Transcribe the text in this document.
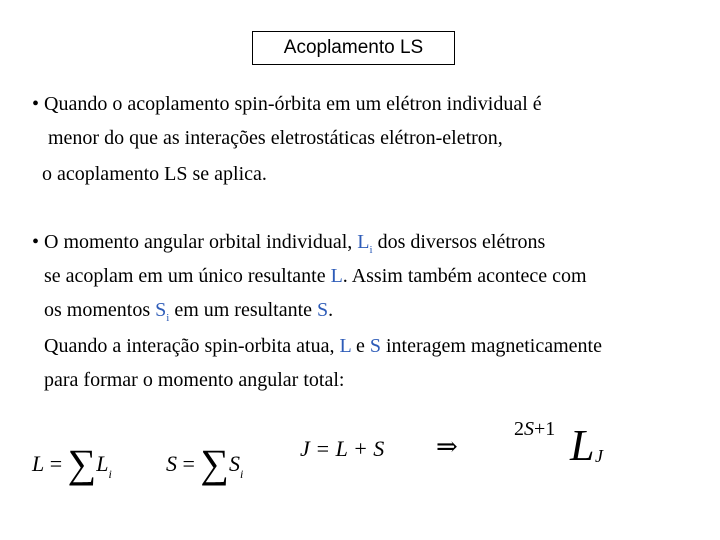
Acoplamento LS
• Quando o acoplamento spin-órbita em um elétron individual é
menor do que as interações eletrostáticas elétron-eletron,
o acoplamento LS se aplica.
• O momento angular orbital individual, $L_i$ dos diversos elétrons
se acoplam em um único resultante L. Assim também acontece com
os momentos $S_i$ em um resultante S.
Quando a interação spin-orbita atua, L e S interagem magneticamente
para formar o momento angular total:
$L = \sum L_i$ $S = \sum S_i$
J = L + S ⇒
2S+1 L J
